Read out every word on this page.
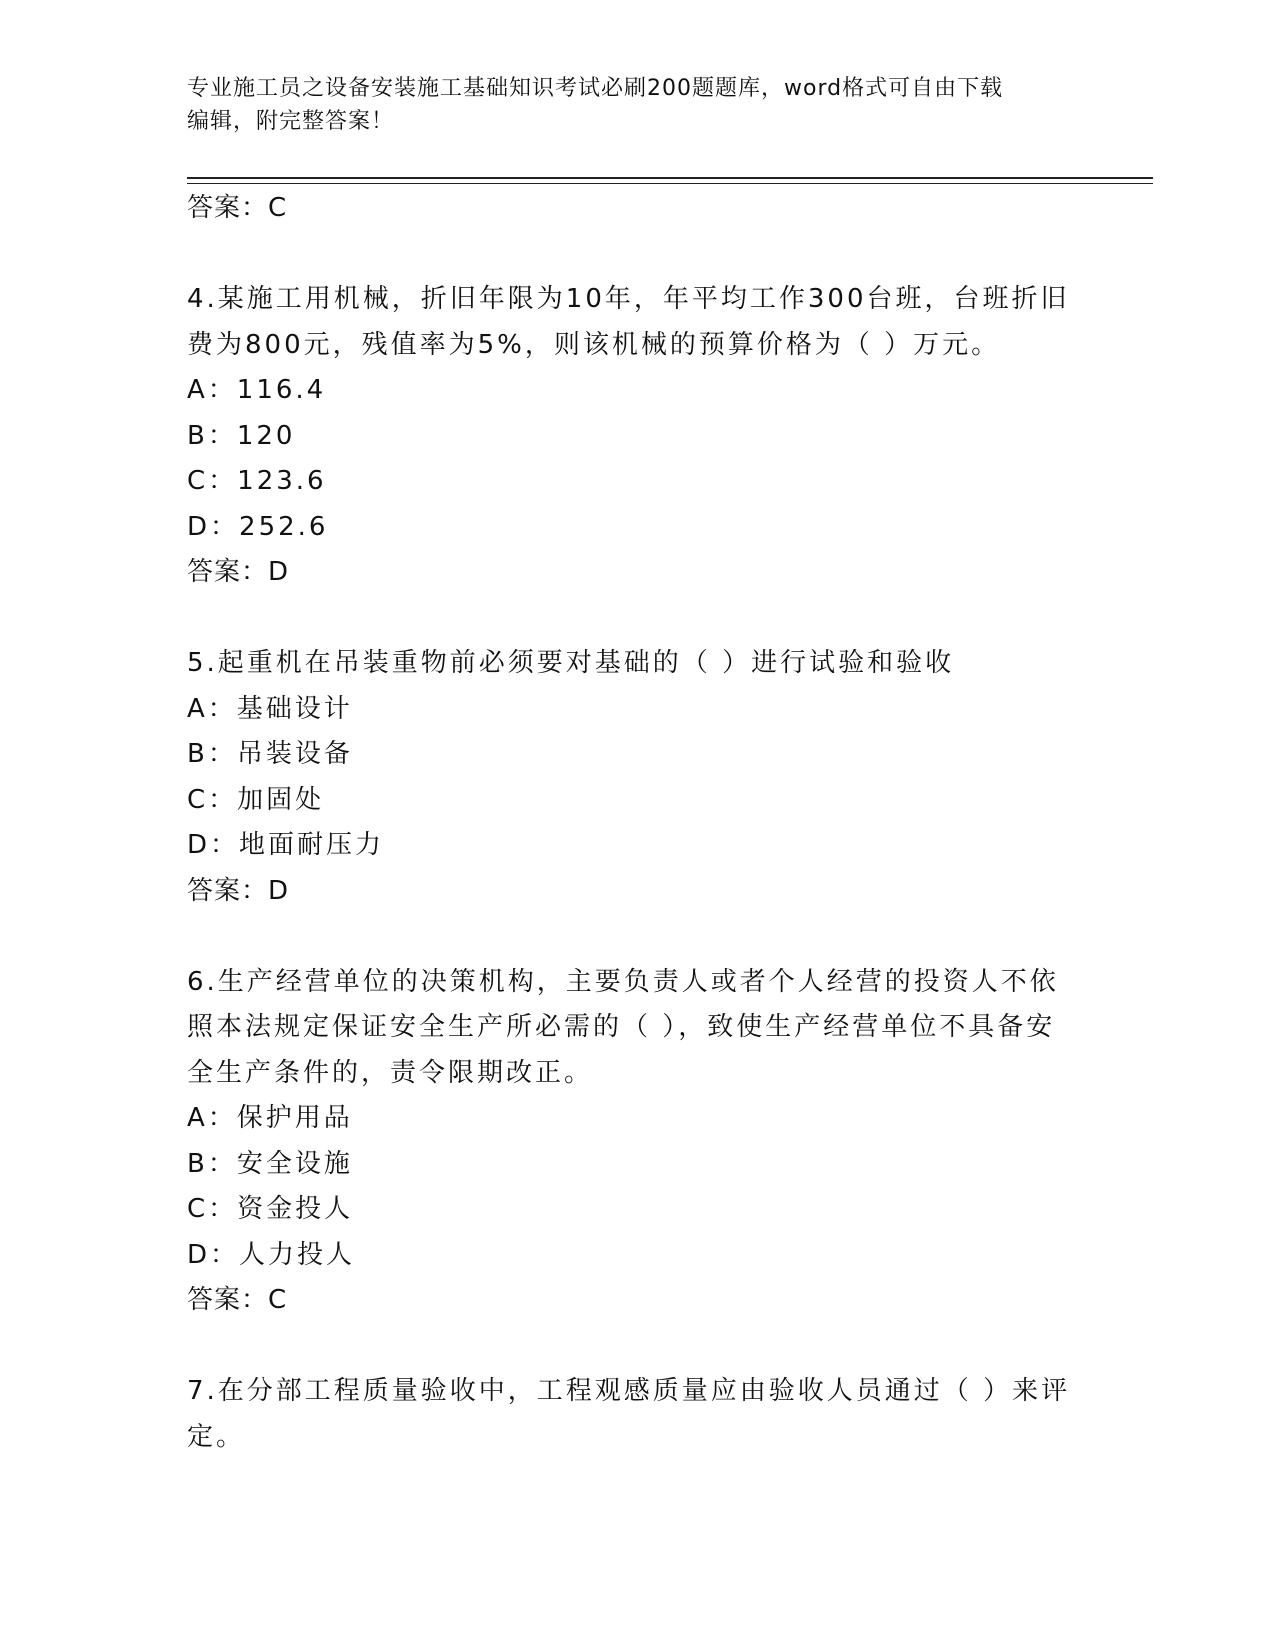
专业施工员之设备安装施工基础知识考试必刷200题题库，word格式可自由下载
编辑，附完整答案！
答案：C
4.某施工用机械，折旧年限为10年，年平均工作300台班，台班折旧
费为800元，残值率为5%，则该机械的预算价格为（ ）万元。
A：116.4
B：120
C：123.6
D：252.6
答案：D
5.起重机在吊装重物前必须要对基础的（ ）进行试验和验收
A：基础设计
B：吊装设备
C：加固处
D：地面耐压力
答案：D
6.生产经营单位的决策机构，主要负责人或者个人经营的投资人不依
照本法规定保证安全生产所必需的（ ），致使生产经营单位不具备安
全生产条件的，责令限期改正。
A：保护用品
B：安全设施
C：资金投人
D：人力投人
答案：C
7.在分部工程质量验收中，工程观感质量应由验收人员通过（ ）来评
定。
